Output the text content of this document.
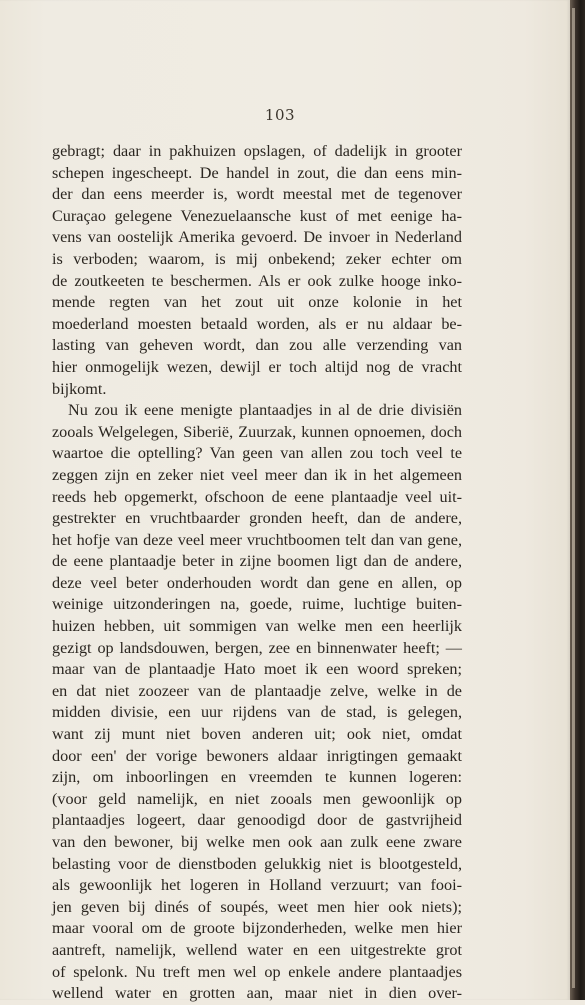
103
gebragt; daar in pakhuizen opslagen, of dadelijk in grooter
schepen ingescheept. De handel in zout, die dan eens min-
der dan eens meerder is, wordt meestal met de tegenover
Curaçao gelegene Venezuelaansche kust of met eenige ha-
vens van oostelijk Amerika gevoerd. De invoer in Nederland
is verboden; waarom, is mij onbekend; zeker echter om
de zoutkeeten te beschermen. Als er ook zulke hooge inko-
mende regten van het zout uit onze kolonie in het
moederland moesten betaald worden, als er nu aldaar be-
lasting van geheven wordt, dan zou alle verzending van
hier onmogelijk wezen, dewijl er toch altijd nog de vracht
bijkomt.
Nu zou ik eene menigte plantaadjes in al de drie divisiën
zooals Welgelegen, Siberië, Zuurzak, kunnen opnoemen, doch
waartoe die optelling? Van geen van allen zou toch veel te
zeggen zijn en zeker niet veel meer dan ik in het algemeen
reeds heb opgemerkt, ofschoon de eene plantaadje veel uit-
gestrekter en vruchtbaarder gronden heeft, dan de andere,
het hofje van deze veel meer vruchtboomen telt dan van gene,
de eene plantaadje beter in zijne boomen ligt dan de andere,
deze veel beter onderhouden wordt dan gene en allen, op
weinige uitzonderingen na, goede, ruime, luchtige buiten-
huizen hebben, uit sommigen van welke men een heerlijk
gezigt op landsdouwen, bergen, zee en binnenwater heeft; —
maar van de plantaadje Hato moet ik een woord spreken;
en dat niet zoozeer van de plantaadje zelve, welke in de
midden divisie, een uur rijdens van de stad, is gelegen,
want zij munt niet boven anderen uit; ook niet, omdat
door een' der vorige bewoners aldaar inrigtingen gemaakt
zijn, om inboorlingen en vreemden te kunnen logeren:
(voor geld namelijk, en niet zooals men gewoonlijk op
plantaadjes logeert, daar genoodigd door de gastvrijheid
van den bewoner, bij welke men ook aan zulk eene zware
belasting voor de dienstboden gelukkig niet is blootgesteld,
als gewoonlijk het logeren in Holland verzuurt; van fooi-
jen geven bij dinés of soupés, weet men hier ook niets);
maar vooral om de groote bijzonderheden, welke men hier
aantreft, namelijk, wellend water en een uitgestrekte grot
of spelonk. Nu treft men wel op enkele andere plantaadjes
wellend water en grotten aan, maar niet in dien over-
